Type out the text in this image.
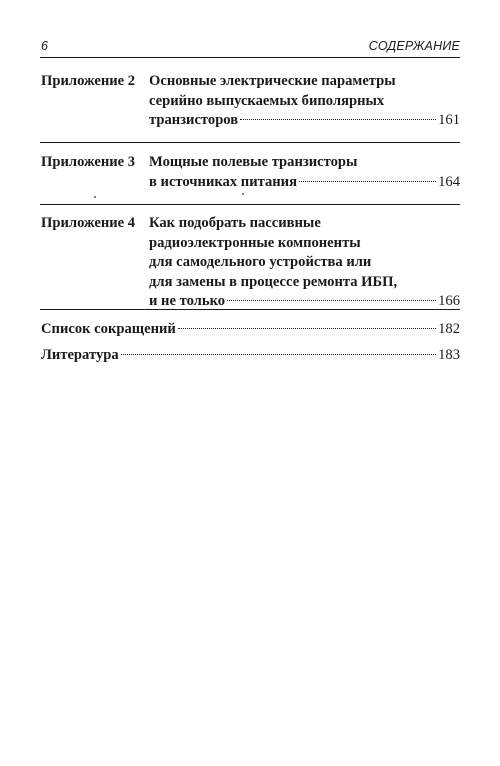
6	СОДЕРЖАНИЕ
Приложение 2 Основные электрические параметры
серийно выпускаемых биполярных
транзисторов	161
Приложение 3 Мощные полевые транзисторы
в источниках питания	164
Приложение 4 Как подобрать пассивные
радиоэлектронные компоненты
для самодельного устройства или
для замены в процессе ремонта ИБП,
и не только	166
Список сокращений	182
Литература	183
